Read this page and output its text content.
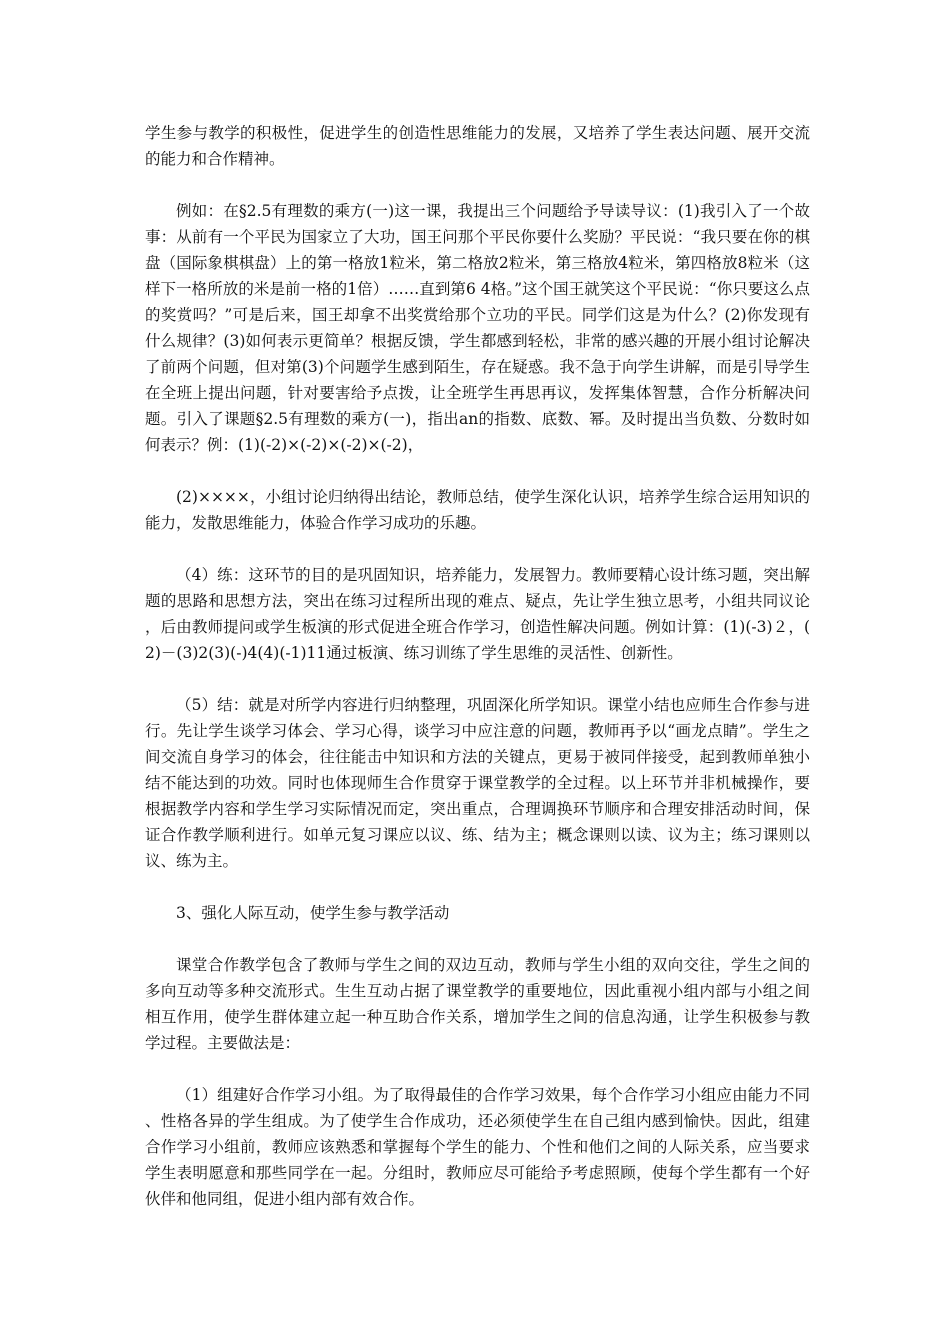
学生参与教学的积极性，促进学生的创造性思维能力的发展，又培养了学生表达问题、展开交流的能力和合作精神。

例如：在§2.5有理数的乘方(一)这一课，我提出三个问题给予导读导议：(1)我引入了一个故事：从前有一个平民为国家立了大功，国王问那个平民你要什么奖励？平民说：“我只要在你的棋盘（国际象棋棋盘）上的第一格放1粒米，第二格放2粒米，第三格放4粒米，第四格放8粒米（这样下一格所放的米是前一格的1倍）……直到第6 4格。”这个国王就笑这个平民说：“你只要这么点的奖赏吗？”可是后来，国王却拿不出奖赏给那个立功的平民。同学们这是为什么？(2)你发现有什么规律？(3)如何表示更简单？根据反馈，学生都感到轻松，非常的感兴趣的开展小组讨论解决了前两个问题，但对第(3)个问题学生感到陌生，存在疑惑。我不急于向学生讲解，而是引导学生在全班上提出问题，针对要害给予点拨，让全班学生再思再议，发挥集体智慧，合作分析解决问题。引入了课题§2.5有理数的乘方(一)，指出an的指数、底数、幂。及时提出当负数、分数时如何表示？例：(1)(-2)×(-2)×(-2)×(-2)，

(2)××××，小组讨论归纳得出结论，教师总结，使学生深化认识，培养学生综合运用知识的能力，发散思维能力，体验合作学习成功的乐趣。

（4）练：这环节的目的是巩固知识，培养能力，发展智力。教师要精心设计练习题，突出解题的思路和思想方法，突出在练习过程所出现的难点、疑点，先让学生独立思考，小组共同议论，后由教师提问或学生板演的形式促进全班合作学习，创造性解决问题。例如计算：(1)(-3)２，(2)－(3)2(3)(-)4(4)(-1)11通过板演、练习训练了学生思维的灵活性、创新性。

（5）结：就是对所学内容进行归纳整理，巩固深化所学知识。课堂小结也应师生合作参与进行。先让学生谈学习体会、学习心得，谈学习中应注意的问题，教师再予以“画龙点睛”。学生之间交流自身学习的体会，往往能击中知识和方法的关键点，更易于被同伴接受，起到教师单独小结不能达到的功效。同时也体现师生合作贯穿于课堂教学的全过程。以上环节并非机械操作，要根据教学内容和学生学习实际情况而定，突出重点，合理调换环节顺序和合理安排活动时间，保证合作教学顺利进行。如单元复习课应以议、练、结为主；概念课则以读、议为主；练习课则以议、练为主。

3、强化人际互动，使学生参与教学活动

课堂合作教学包含了教师与学生之间的双边互动，教师与学生小组的双向交往，学生之间的多向互动等多种交流形式。生生互动占据了课堂教学的重要地位，因此重视小组内部与小组之间相互作用，使学生群体建立起一种互助合作关系，增加学生之间的信息沟通，让学生积极参与教学过程。主要做法是：

（1）组建好合作学习小组。为了取得最佳的合作学习效果，每个合作学习小组应由能力不同、性格各异的学生组成。为了使学生合作成功，还必须使学生在自己组内感到愉快。因此，组建合作学习小组前，教师应该熟悉和掌握每个学生的能力、个性和他们之间的人际关系，应当要求学生表明愿意和那些同学在一起。分组时，教师应尽可能给予考虑照顾，使每个学生都有一个好伙伴和他同组，促进小组内部有效合作。
